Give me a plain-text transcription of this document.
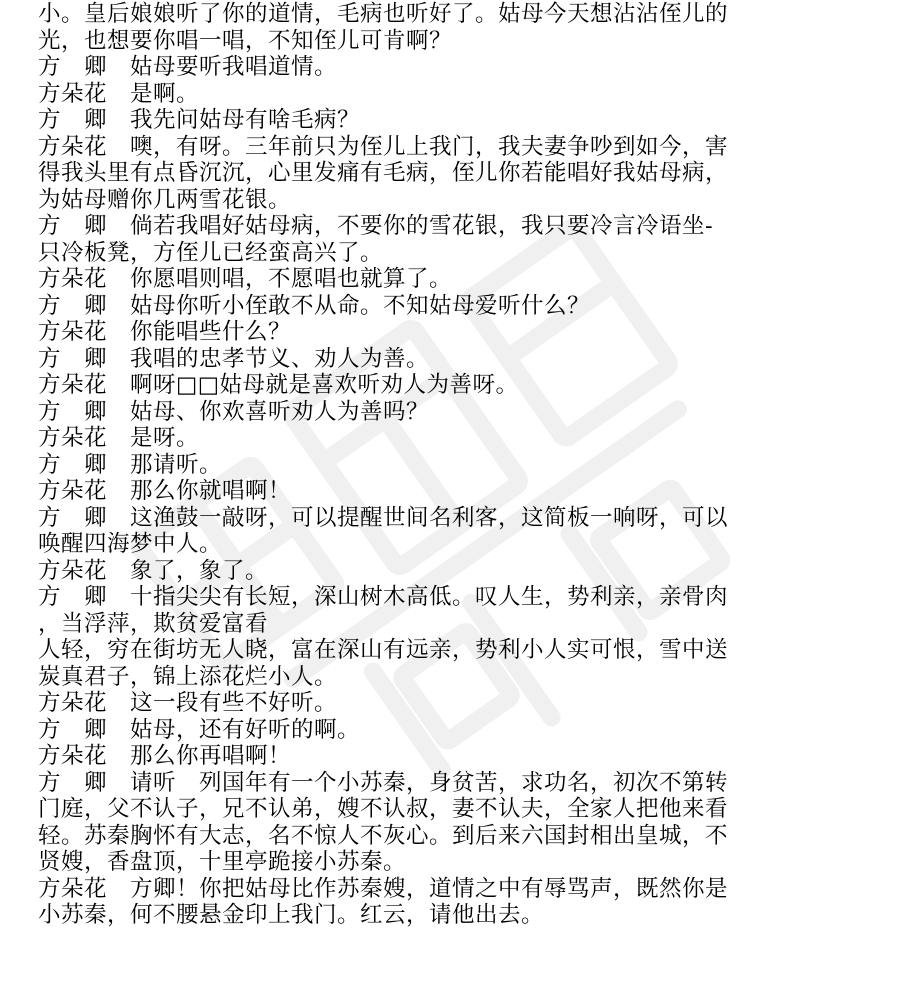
小。皇后娘娘听了你的道情，毛病也听好了。姑母今天想沾沾侄儿的
光，也想要你唱一唱，不知侄儿可肯啊？
方　卿　姑母要听我唱道情。
方朵花　是啊。
方　卿　我先问姑母有啥毛病？
方朵花　噢，有呀。三年前只为侄儿上我门，我夫妻争吵到如今，害
得我头里有点昏沉沉，心里发痛有毛病，侄儿你若能唱好我姑母病，
为姑母赠你几两雪花银。
方　卿　倘若我唱好姑母病，不要你的雪花银，我只要冷言冷语坐-
只冷板凳，方侄儿已经蛮高兴了。
方朵花　你愿唱则唱，不愿唱也就算了。
方　卿　姑母你听小侄敢不从命。不知姑母爱听什么？
方朵花　你能唱些什么？
方　卿　我唱的忠孝节义、劝人为善。
方朵花　啊呀□□姑母就是喜欢听劝人为善呀。
方　卿　姑母、你欢喜听劝人为善吗？
方朵花　是呀。
方　卿　那请听。
方朵花　那么你就唱啊！
方　卿　这渔鼓一敲呀，可以提醒世间名利客，这简板一响呀，可以
唤醒四海梦中人。
方朵花　象了，象了。
方　卿　十指尖尖有长短，深山树木高低。叹人生，势利亲，亲骨肉
，当浮萍，欺贫爱富看
人轻，穷在街坊无人晓，富在深山有远亲，势利小人实可恨，雪中送
炭真君子，锦上添花烂小人。
方朵花　这一段有些不好听。
方　卿　姑母，还有好听的啊。
方朵花　那么你再唱啊！
方　卿　请听　列国年有一个小苏秦，身贫苦，求功名，初次不第转
门庭，父不认子，兄不认弟，嫂不认叔，妻不认夫，全家人把他来看
轻。苏秦胸怀有大志，名不惊人不灰心。到后来六国封相出皇城，不
贤嫂，香盘顶，十里亭跪接小苏秦。
方朵花　方卿！你把姑母比作苏秦嫂，道情之中有辱骂声，既然你是
小苏秦，何不腰悬金印上我门。红云，请他出去。
